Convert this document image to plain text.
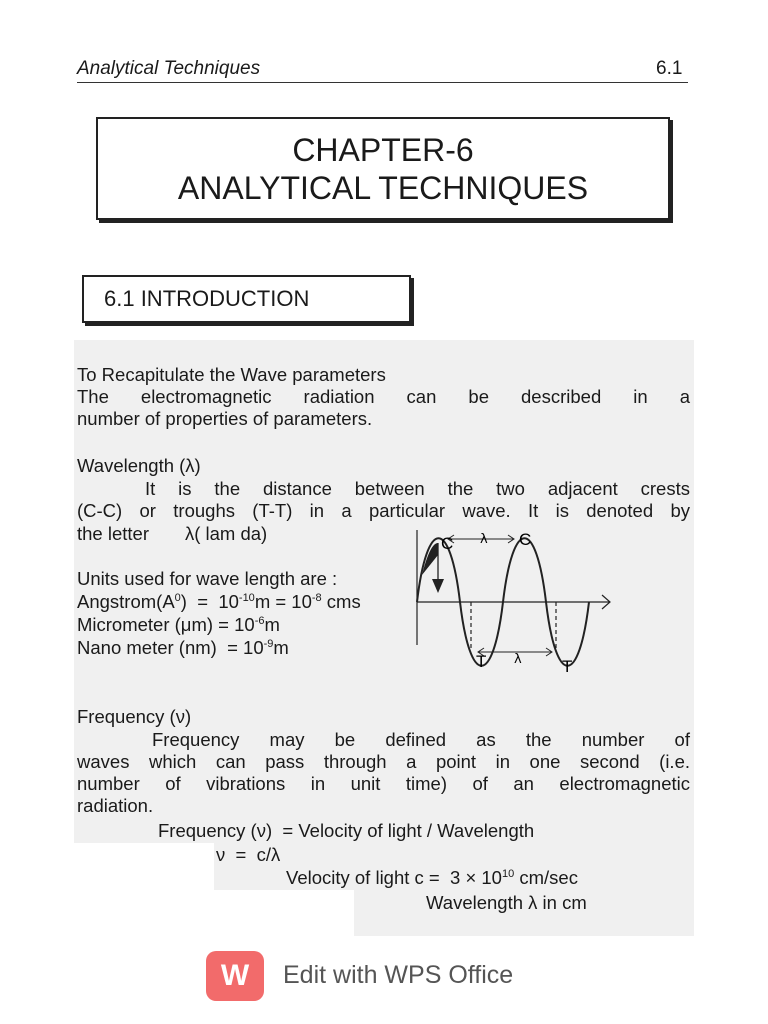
Analytical Techniques	6.1
CHAPTER-6
ANALYTICAL TECHNIQUES
6.1 INTRODUCTION
To Recapitulate the Wave parameters
The electromagnetic radiation can be described in a
number of properties of parameters.
Wavelength (λ)
It is the distance between the two adjacent crests
(C-C) or troughs (T-T) in a particular wave. It is denoted by
the letter       λ( lam da)
Units used for wave length are :
$Angstrom(A^0) = 10^{-10}m = 10^{-8}$ cms
Micrometer $(\mu m) = 10^{-6}m$
Nano meter $(nm) = 10^{-9}m$
C	C
T	T
λ
λ
Frequency (ν)
Frequency may be defined as the number of
waves which can pass through a point in one second (i.e.
number of vibrations in unit time) of an electromagnetic
radiation.
Frequency (ν)  = Velocity of light / Wavelength
ν  =  c/λ
Velocity of light $c = 3 \times 10^{10}$ cm/sec
Wavelength λ in cm
W Edit with WPS Office
